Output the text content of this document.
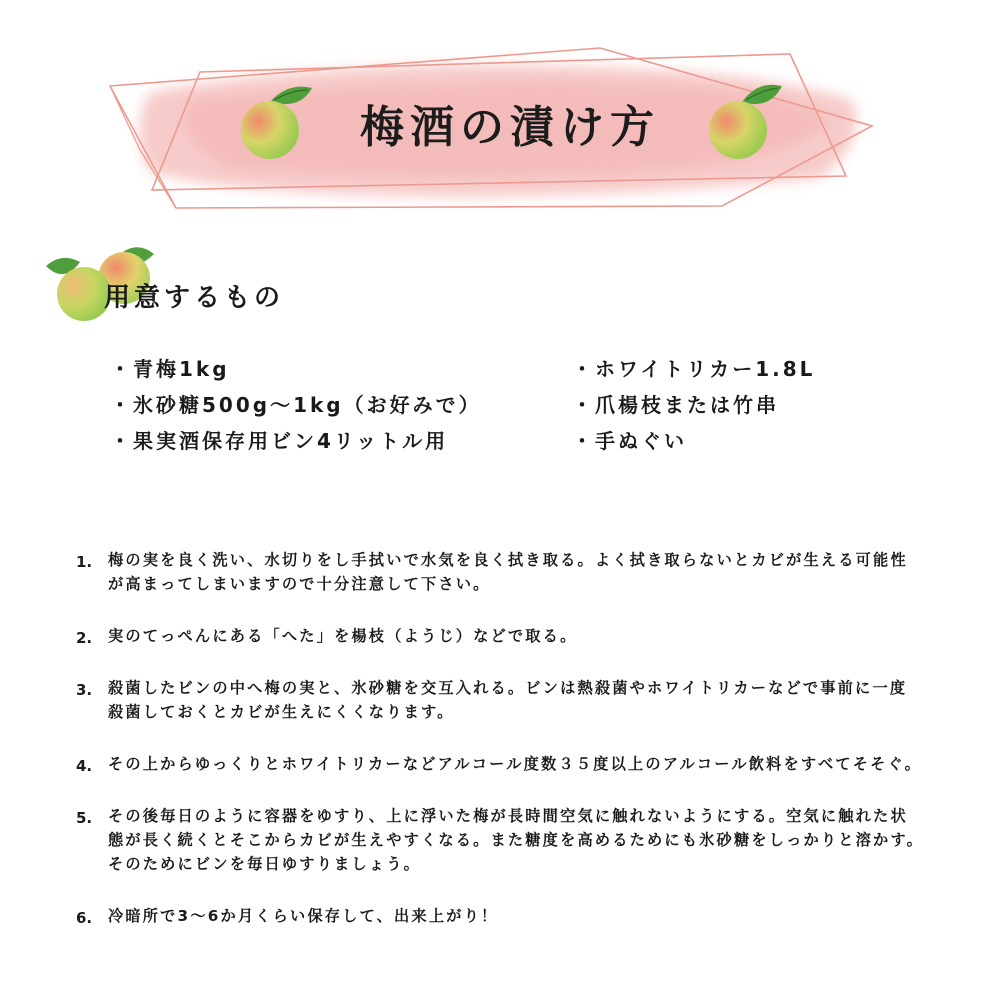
梅酒の漬け方
用意するもの
・青梅1kg
・氷砂糖500g～1kg（お好みで）
・果実酒保存用ビン4リットル用
・ホワイトリカー1.8L
・爪楊枝または竹串
・手ぬぐい
1.	梅の実を良く洗い、水切りをし手拭いで水気を良く拭き取る。よく拭き取らないとカビが生える可能性が高まってしまいますので十分注意して下さい。
2.	実のてっぺんにある「へた」を楊枝（ようじ）などで取る。
3.	殺菌したビンの中へ梅の実と、氷砂糖を交互入れる。ビンは熱殺菌やホワイトリカーなどで事前に一度殺菌しておくとカビが生えにくくなります。
4.	その上からゆっくりとホワイトリカーなどアルコール度数３５度以上のアルコール飲料をすべてそそぐ。
5.	その後毎日のように容器をゆすり、上に浮いた梅が長時間空気に触れないようにする。空気に触れた状態が長く続くとそこからカビが生えやすくなる。また糖度を高めるためにも氷砂糖をしっかりと溶かす。そのためにビンを毎日ゆすりましょう。
6.	冷暗所で3～6か月くらい保存して、出来上がり！
